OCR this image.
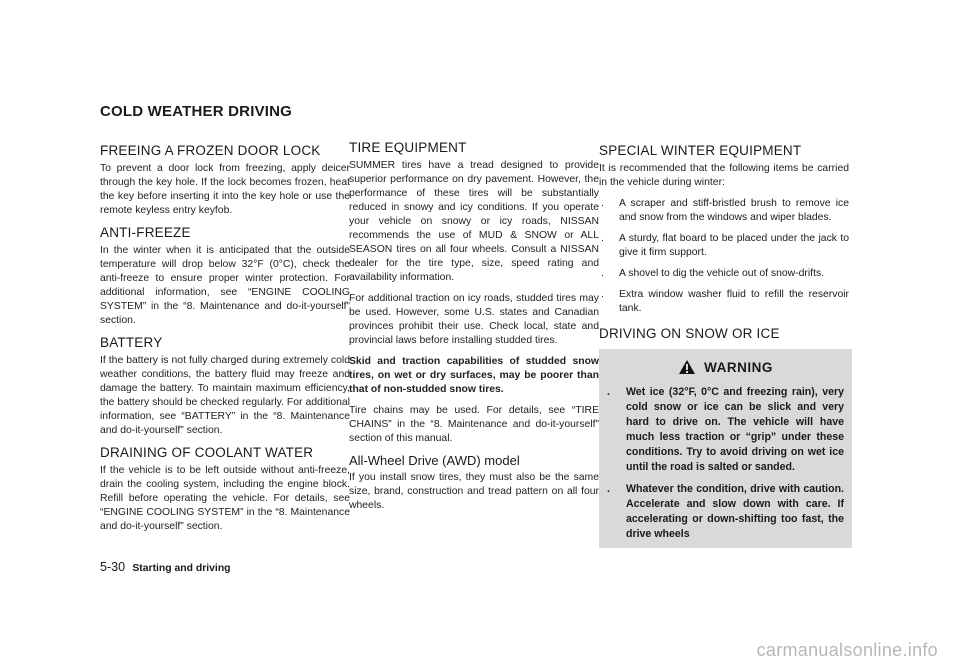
COLD WEATHER DRIVING
FREEING A FROZEN DOOR LOCK

To prevent a door lock from freezing, apply deicer through the key hole. If the lock becomes frozen, heat the key before inserting it into the key hole or use the remote keyless entry keyfob.

ANTI-FREEZE

In the winter when it is anticipated that the outside temperature will drop below 32°F (0°C), check the anti-freeze to ensure proper winter protection. For additional information, see “ENGINE COOLING SYSTEM” in the “8. Maintenance and do-it-yourself” section.

BATTERY

If the battery is not fully charged during extremely cold weather conditions, the battery fluid may freeze and damage the battery. To maintain maximum efficiency, the battery should be checked regularly. For additional information, see “BATTERY” in the “8. Maintenance and do-it-yourself” section.

DRAINING OF COOLANT WATER

If the vehicle is to be left outside without anti-freeze, drain the cooling system, including the engine block. Refill before operating the vehicle. For details, see “ENGINE COOLING SYSTEM” in the “8. Maintenance and do-it-yourself” section.

TIRE EQUIPMENT

SUMMER tires have a tread designed to provide superior performance on dry pavement. However, the performance of these tires will be substantially reduced in snowy and icy conditions. If you operate your vehicle on snowy or icy roads, NISSAN recommends the use of MUD & SNOW or ALL SEASON tires on all four wheels. Consult a NISSAN dealer for the tire type, size, speed rating and availability information.

For additional traction on icy roads, studded tires may be used. However, some U.S. states and Canadian provinces prohibit their use. Check local, state and provincial laws before installing studded tires.

Skid and traction capabilities of studded snow tires, on wet or dry surfaces, may be poorer than that of non-studded snow tires.

Tire chains may be used. For details, see “TIRE CHAINS” in the “8. Maintenance and do-it-yourself” section of this manual.

All-Wheel Drive (AWD) model

If you install snow tires, they must also be the same size, brand, construction and tread pattern on all four wheels.

SPECIAL WINTER EQUIPMENT

It is recommended that the following items be carried in the vehicle during winter:

. A scraper and stiff-bristled brush to remove ice and snow from the windows and wiper blades.
. A sturdy, flat board to be placed under the jack to give it firm support.
. A shovel to dig the vehicle out of snow-drifts.
. Extra window washer fluid to refill the reservoir tank.
DRIVING ON SNOW OR ICE
WARNING
. Wet ice (32°F, 0°C and freezing rain), very cold snow or ice can be slick and very hard to drive on. The vehicle will have much less traction or “grip” under these conditions. Try to avoid driving on wet ice until the road is salted or sanded.
. Whatever the condition, drive with caution. Accelerate and slow down with care. If accelerating or down-shifting too fast, the drive wheels
5-30 Starting and driving
carmanualsonline.info
